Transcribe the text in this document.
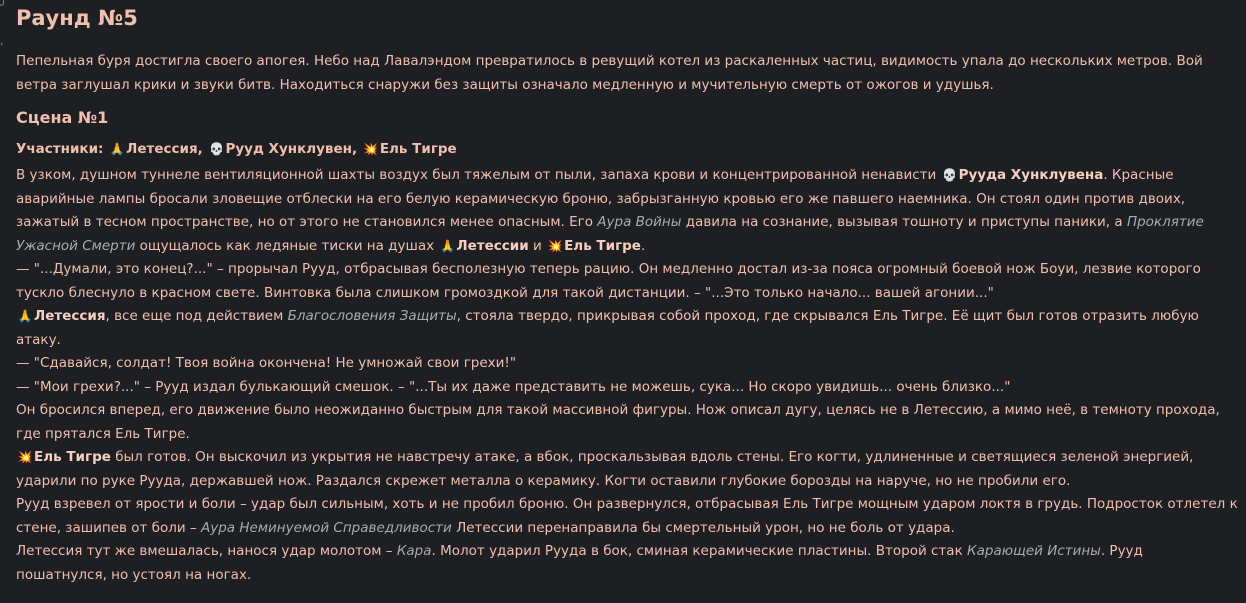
╯
ʼ
Раунд №5

Пепельная буря достигла своего апогея. Небо над Лавалэндом превратилось в ревущий котел из раскаленных частиц, видимость упала до нескольких метров. Вой ветра заглушал крики и звуки битв. Находиться снаружи без защиты означало медленную и мучительную смерть от ожогов и удушья.

Сцена №1
Участники: 🙏 Летессия, 💀 Рууд Хунклувен, 💥 Ель Тигре

В узком, душном туннеле вентиляционной шахты воздух был тяжелым от пыли, запаха крови и концентрированной ненависти 💀 Рууда Хунклувена. Красные аварийные лампы бросали зловещие отблески на его белую керамическую броню, забрызганную кровью его же павшего наемника. Он стоял один против двоих, зажатый в тесном пространстве, но от этого не становился менее опасным. Его Аура Войны давила на сознание, вызывая тошноту и приступы паники, а Проклятие Ужасной Смерти ощущалось как ледяные тиски на душах 🙏 Летессии и 💥 Ель Тигре.

— "...Думали, это конец?..." – прорычал Рууд, отбрасывая бесполезную теперь рацию. Он медленно достал из-за пояса огромный боевой нож Боуи, лезвие которого тускло блеснуло в красном свете. Винтовка была слишком громоздкой для такой дистанции. – "...Это только начало... вашей агонии..."

🙏 Летессия, все еще под действием Благословения Защиты, стояла твердо, прикрывая собой проход, где скрывался Ель Тигре. Её щит был готов отразить любую атаку.

— "Сдавайся, солдат! Твоя война окончена! Не умножай свои грехи!"

— "Мои грехи?..." – Рууд издал булькающий смешок. – "...Ты их даже представить не можешь, сука... Но скоро увидишь... очень близко..."

Он бросился вперед, его движение было неожиданно быстрым для такой массивной фигуры. Нож описал дугу, целясь не в Летессию, а мимо неё, в темноту прохода, где прятался Ель Тигре.

💥 Ель Тигре был готов. Он выскочил из укрытия не навстречу атаке, а вбок, проскальзывая вдоль стены. Его когти, удлиненные и светящиеся зеленой энергией, ударили по руке Рууда, державшей нож. Раздался скрежет металла о керамику. Когти оставили глубокие борозды на наруче, но не пробили его.

Рууд взревел от ярости и боли – удар был сильным, хоть и не пробил броню. Он развернулся, отбрасывая Ель Тигре мощным ударом локтя в грудь. Подросток отлетел к стене, зашипев от боли – Аура Неминуемой Справедливости Летессии перенаправила бы смертельный урон, но не боль от удара.

Летессия тут же вмешалась, нанося удар молотом – Кара. Молот ударил Рууда в бок, сминая керамические пластины. Второй стак Карающей Истины. Рууд пошатнулся, но устоял на ногах.
